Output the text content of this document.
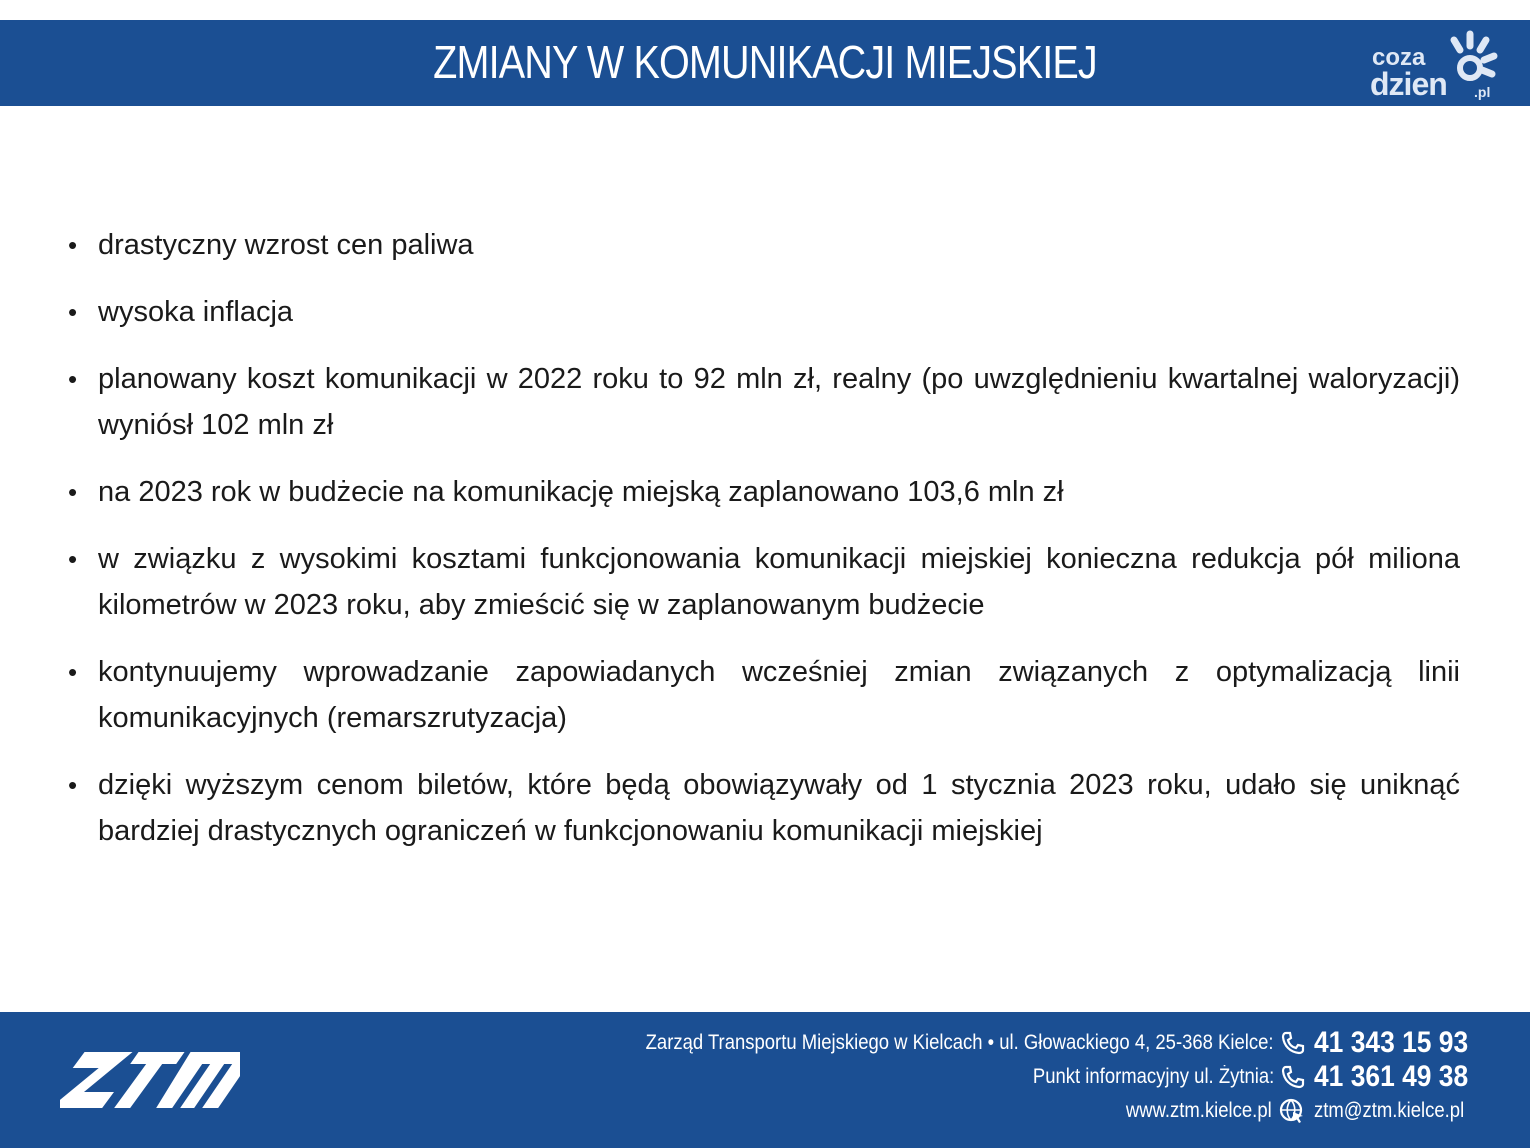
ZMIANY W KOMUNIKACJI MIEJSKIEJ	coza
dzien .pl
• drastyczny wzrost cen paliwa
• wysoka inflacja
• planowany koszt komunikacji w 2022 roku to 92 mln zł, realny (po uwzględnieniu kwartalnej waloryzacji) wyniósł 102 mln zł
• na 2023 rok w budżecie na komunikację miejską zaplanowano 103,6 mln zł
• w związku z wysokimi kosztami funkcjonowania komunikacji miejskiej konieczna redukcja pół miliona kilometrów w 2023 roku, aby zmieścić się w zaplanowanym budżecie
• kontynuujemy wprowadzanie zapowiadanych wcześniej zmian związanych z optymalizacją linii komunikacyjnych (remarszrutyzacja)
• dzięki wyższym cenom biletów, które będą obowiązywały od 1 stycznia 2023 roku, udało się uniknąć bardziej drastycznych ograniczeń w funkcjonowaniu komunikacji miejskiej
Zarząd Transportu Miejskiego w Kielcach • ul. Głowackiego 4, 25-368 Kielce: 41 343 15 93
Punkt informacyjny ul. Żytnia: 41 361 49 38
www.ztm.kielce.pl ztm@ztm.kielce.pl
